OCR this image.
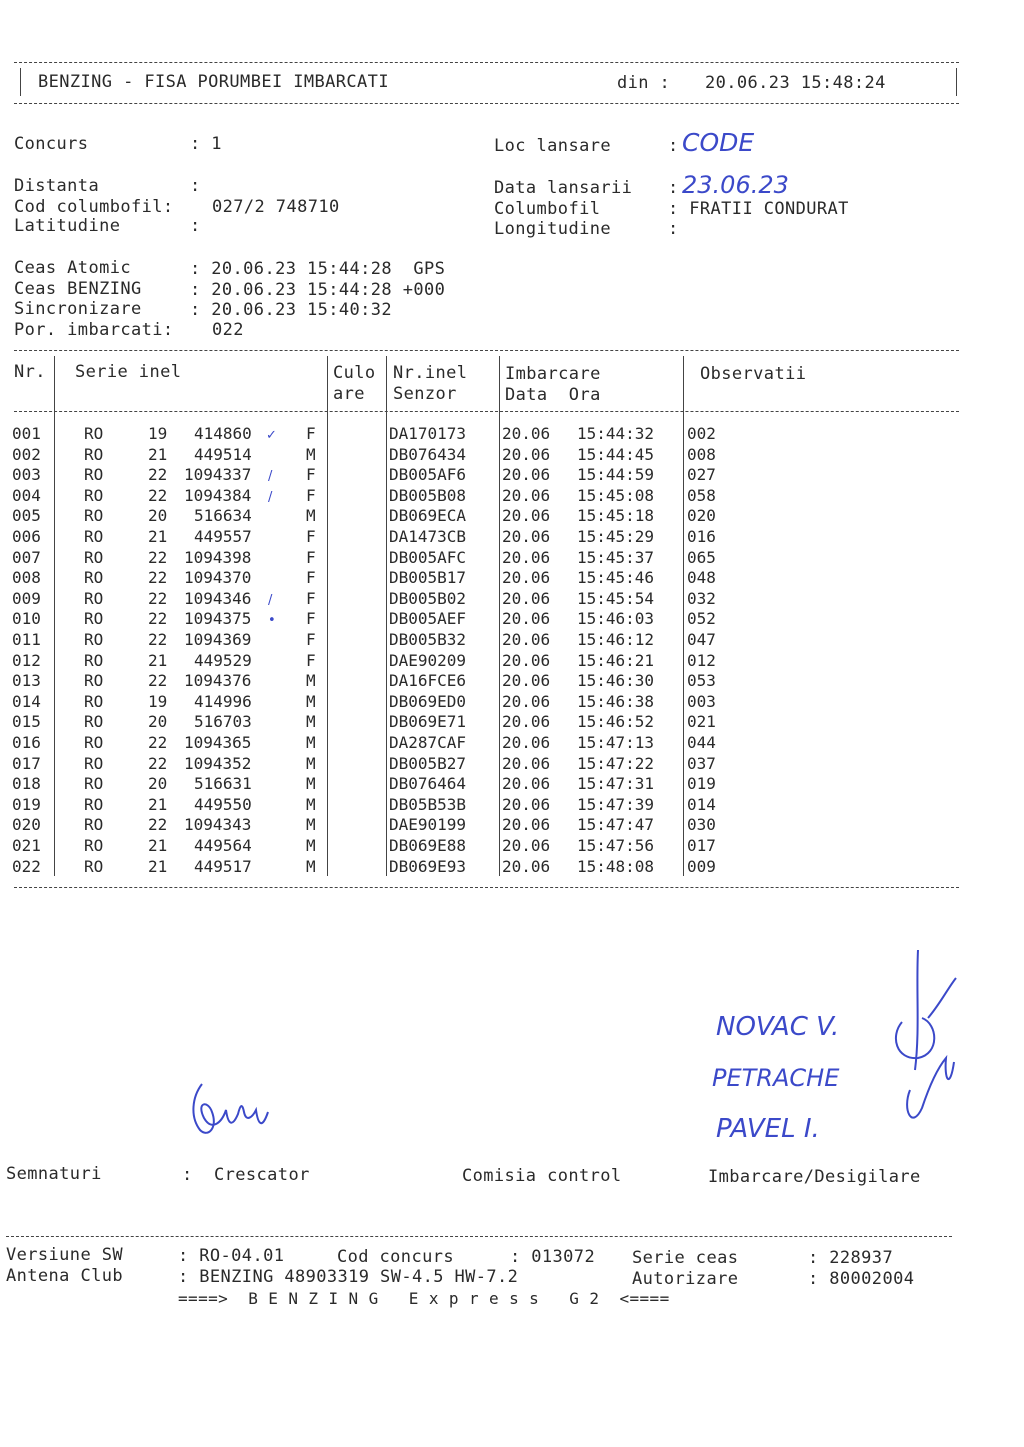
BENZING - FISA PORUMBEI IMBARCATI	din : 20.06.23 15:48:24
Concurs	: 1	Loc lansare	: CODE
Distanta	:	Data lansarii : 23.06.23
Cod columbofil: 027/2 748710	Columbofil	: FRATII CONDURAT
Latitudine	:	Longitudine	:
Ceas Atomic	: 20.06.23 15:44:28  GPS
Ceas BENZING	: 20.06.23 15:44:28 +000
Sincronizare	: 20.06.23 15:40:32
Por. imbarcati: 022
Nr. Serie inel	Culo
are
Nr.inel
Senzor
Imbarcare
Data  Ora
Observatii
001	RO	19 414860 ✓ F	DA170173 20.06 15:44:32 002
002	RO	21 449514	M	DB076434 20.06 15:44:45 008
003	RO	22 1094337 / F	DB005AF6 20.06 15:44:59 027
004	RO	22 1094384 / F	DB005B08 20.06 15:45:08 058
005	RO	20 516634	M	DB069ECA 20.06 15:45:18 020
006	RO	21 449557	F	DA1473CB 20.06 15:45:29 016
007	RO	22 1094398	F	DB005AFC 20.06 15:45:37 065
008	RO	22 1094370	F	DB005B17 20.06 15:45:46 048
009	RO	22 1094346 / F	DB005B02 20.06 15:45:54 032
010	RO	22 1094375 • F	DB005AEF 20.06 15:46:03 052
011	RO	22 1094369	F	DB005B32 20.06 15:46:12 047
012	RO	21 449529	F	DAE90209 20.06 15:46:21 012
013	RO	22 1094376	M	DA16FCE6 20.06 15:46:30 053
014	RO	19 414996	M	DB069ED0 20.06 15:46:38 003
015	RO	20 516703	M	DB069E71 20.06 15:46:52 021
016	RO	22 1094365	M	DA287CAF 20.06 15:47:13 044
017	RO	22 1094352	M	DB005B27 20.06 15:47:22 037
018	RO	20 516631	M	DB076464 20.06 15:47:31 019
019	RO	21 449550	M	DB05B53B 20.06 15:47:39 014
020	RO	22 1094343	M	DAE90199 20.06 15:47:47 030
021	RO	21 449564	M	DB069E88 20.06 15:47:56 017
022	RO	21 449517	M	DB069E93 20.06 15:48:08 009
NOVAC V.
PETRACHE
PAVEL I.
Semnaturi	: Crescator	Comisia control	Imbarcare/Desigilare
Versiune SW	: RO-04.01	Cod concurs	: 013072 Serie ceas	: 228937
Antena Club	: BENZING 48903319 SW-4.5 HW-7.2	Autorizare	: 80002004
====>  B E N Z I N G   E x p r e s s   G 2  <====
